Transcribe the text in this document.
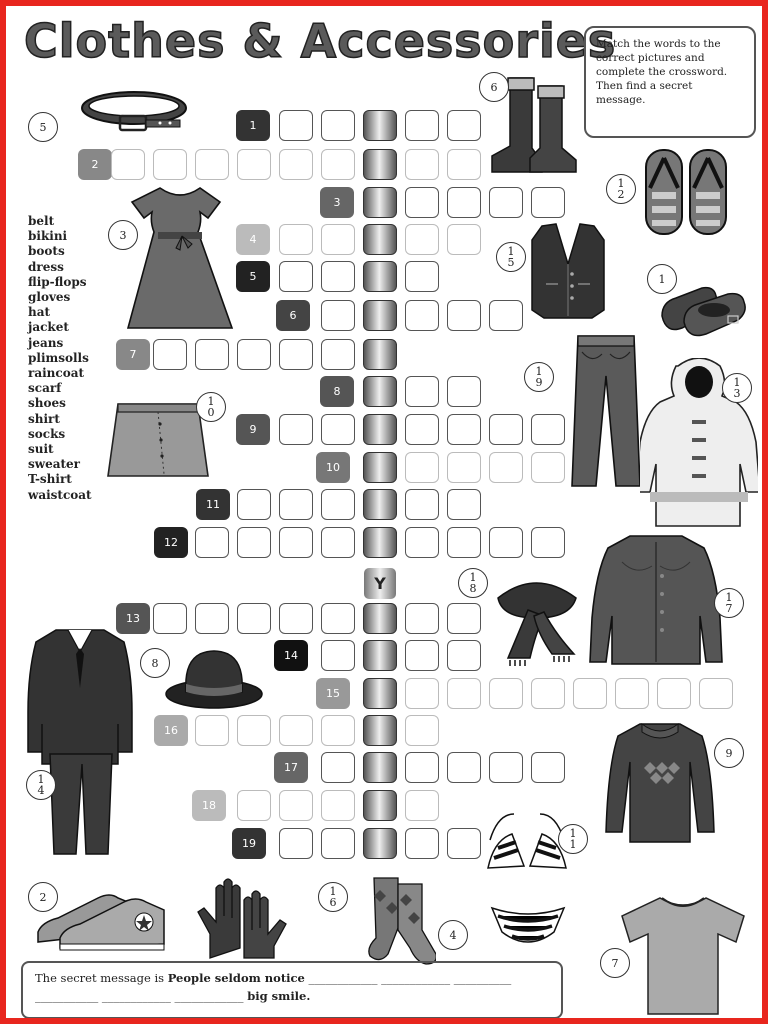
Clothes & Accessories
Match the words to the correct pictures and complete the crossword. Then find a secret message.
belt
bikini
boots
dress
flip-flops
gloves
hat
jacket
jeans
plimsolls
raincoat
scarf
shoes
shirt
socks
suit
sweater
T-shirt
waistcoat
1
2
3
4
5
6
7
8
9
10
11
12
13
14
15
16
17
18
19
Y
5
6
1
2
3
1
5
1
1
9	1
3
1
0
1
8
1
7
8
1
4
9
1
1
2	1
6
4
7
The secret message is People seldom notice ____________ ____________ __________
___________ ____________ ____________ big smile.
